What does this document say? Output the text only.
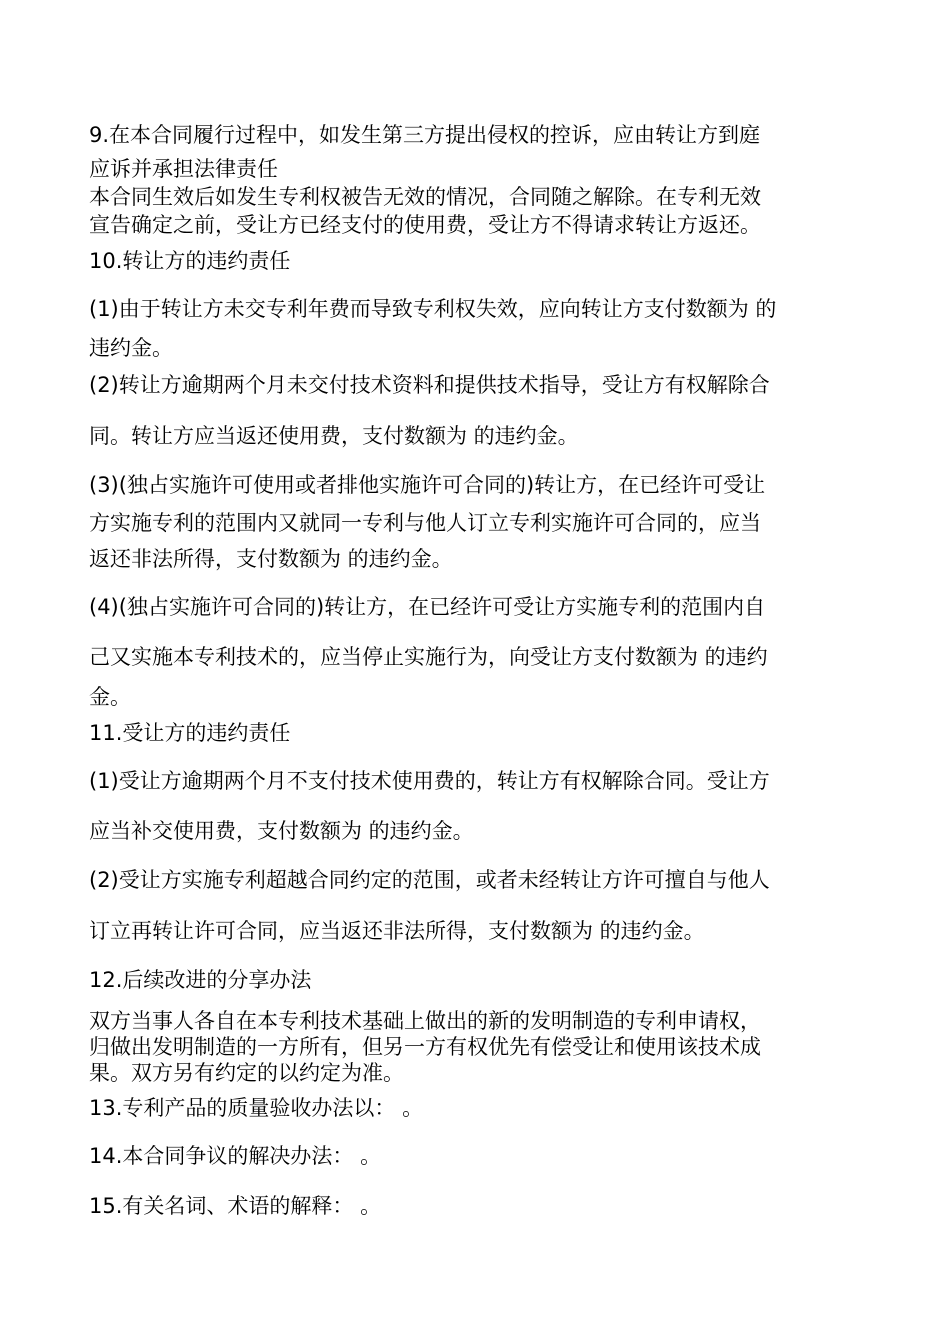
9.在本合同履行过程中，如发生第三方提出侵权的控诉，应由转让方到庭
应诉并承担法律责任
本合同生效后如发生专利权被告无效的情况，合同随之解除。在专利无效
宣告确定之前，受让方已经支付的使用费，受让方不得请求转让方返还。
10.转让方的违约责任
(1)由于转让方未交专利年费而导致专利权失效，应向转让方支付数额为 的
违约金。
(2)转让方逾期两个月未交付技术资料和提供技术指导，受让方有权解除合
同。转让方应当返还使用费，支付数额为 的违约金。
(3)(独占实施许可使用或者排他实施许可合同的)转让方，在已经许可受让
方实施专利的范围内又就同一专利与他人订立专利实施许可合同的，应当
返还非法所得，支付数额为 的违约金。
(4)(独占实施许可合同的)转让方，在已经许可受让方实施专利的范围内自
己又实施本专利技术的，应当停止实施行为，向受让方支付数额为 的违约
金。
11.受让方的违约责任
(1)受让方逾期两个月不支付技术使用费的，转让方有权解除合同。受让方
应当补交使用费，支付数额为 的违约金。
(2)受让方实施专利超越合同约定的范围，或者未经转让方许可擅自与他人
订立再转让许可合同，应当返还非法所得，支付数额为 的违约金。
12.后续改进的分享办法
双方当事人各自在本专利技术基础上做出的新的发明制造的专利申请权，
归做出发明制造的一方所有，但另一方有权优先有偿受让和使用该技术成
果。双方另有约定的以约定为准。
13.专利产品的质量验收办法以： 。
14.本合同争议的解决办法： 。
15.有关名词、术语的解释： 。
